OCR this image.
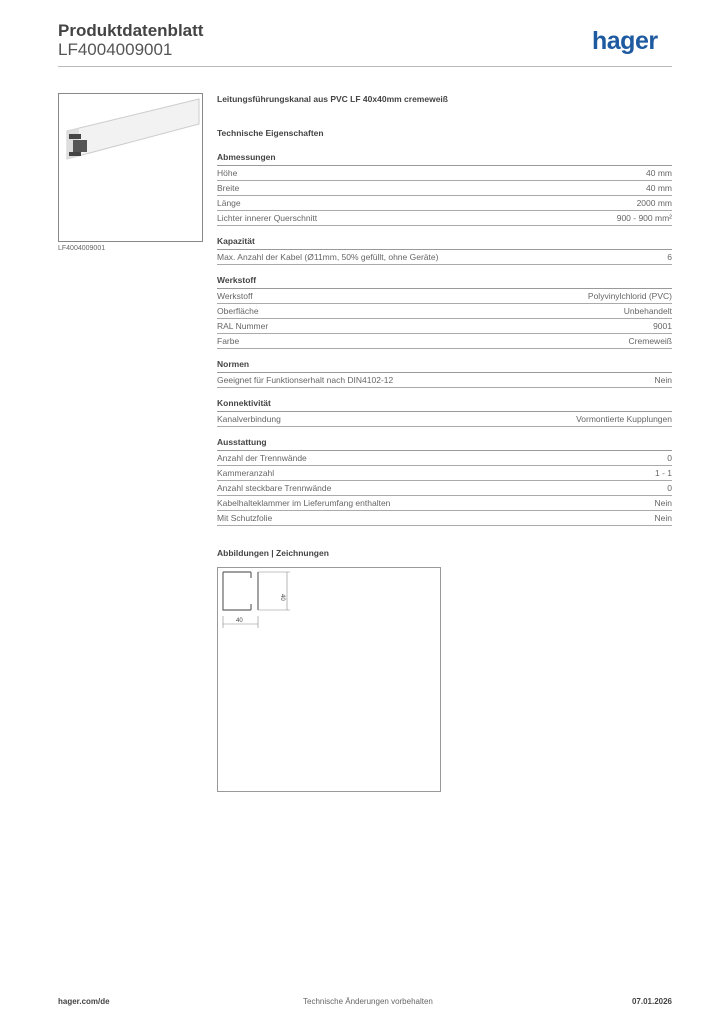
Produktdatenblatt
LF4004009001	hager
LF4004009001
Leitungsführungskanal aus PVC LF 40x40mm cremeweiß
Technische Eigenschaften
Abmessungen
Höhe	40 mm
Breite	40 mm
Länge	2000 mm
Lichter innerer Querschnitt	900 - 900 mm²
Kapazität
Max. Anzahl der Kabel (Ø11mm, 50% gefüllt, ohne Geräte)	6
Werkstoff
Werkstoff	Polyvinylchlorid (PVC)
Oberfläche	Unbehandelt
RAL Nummer	9001
Farbe	Cremeweiß
Normen
Geeignet für Funktionserhalt nach DIN4102-12	Nein
Konnektivität
Kanalverbindung	Vormontierte Kupplungen
Ausstattung
Anzahl der Trennwände	0
Kammeranzahl	1 - 1
Anzahl steckbare Trennwände	0
Kabelhalteklammer im Lieferumfang enthalten	Nein
Mit Schutzfolie	Nein
Abbildungen | Zeichnungen
40
40
hager.com/de	Technische Änderungen vorbehalten	07.01.2026
